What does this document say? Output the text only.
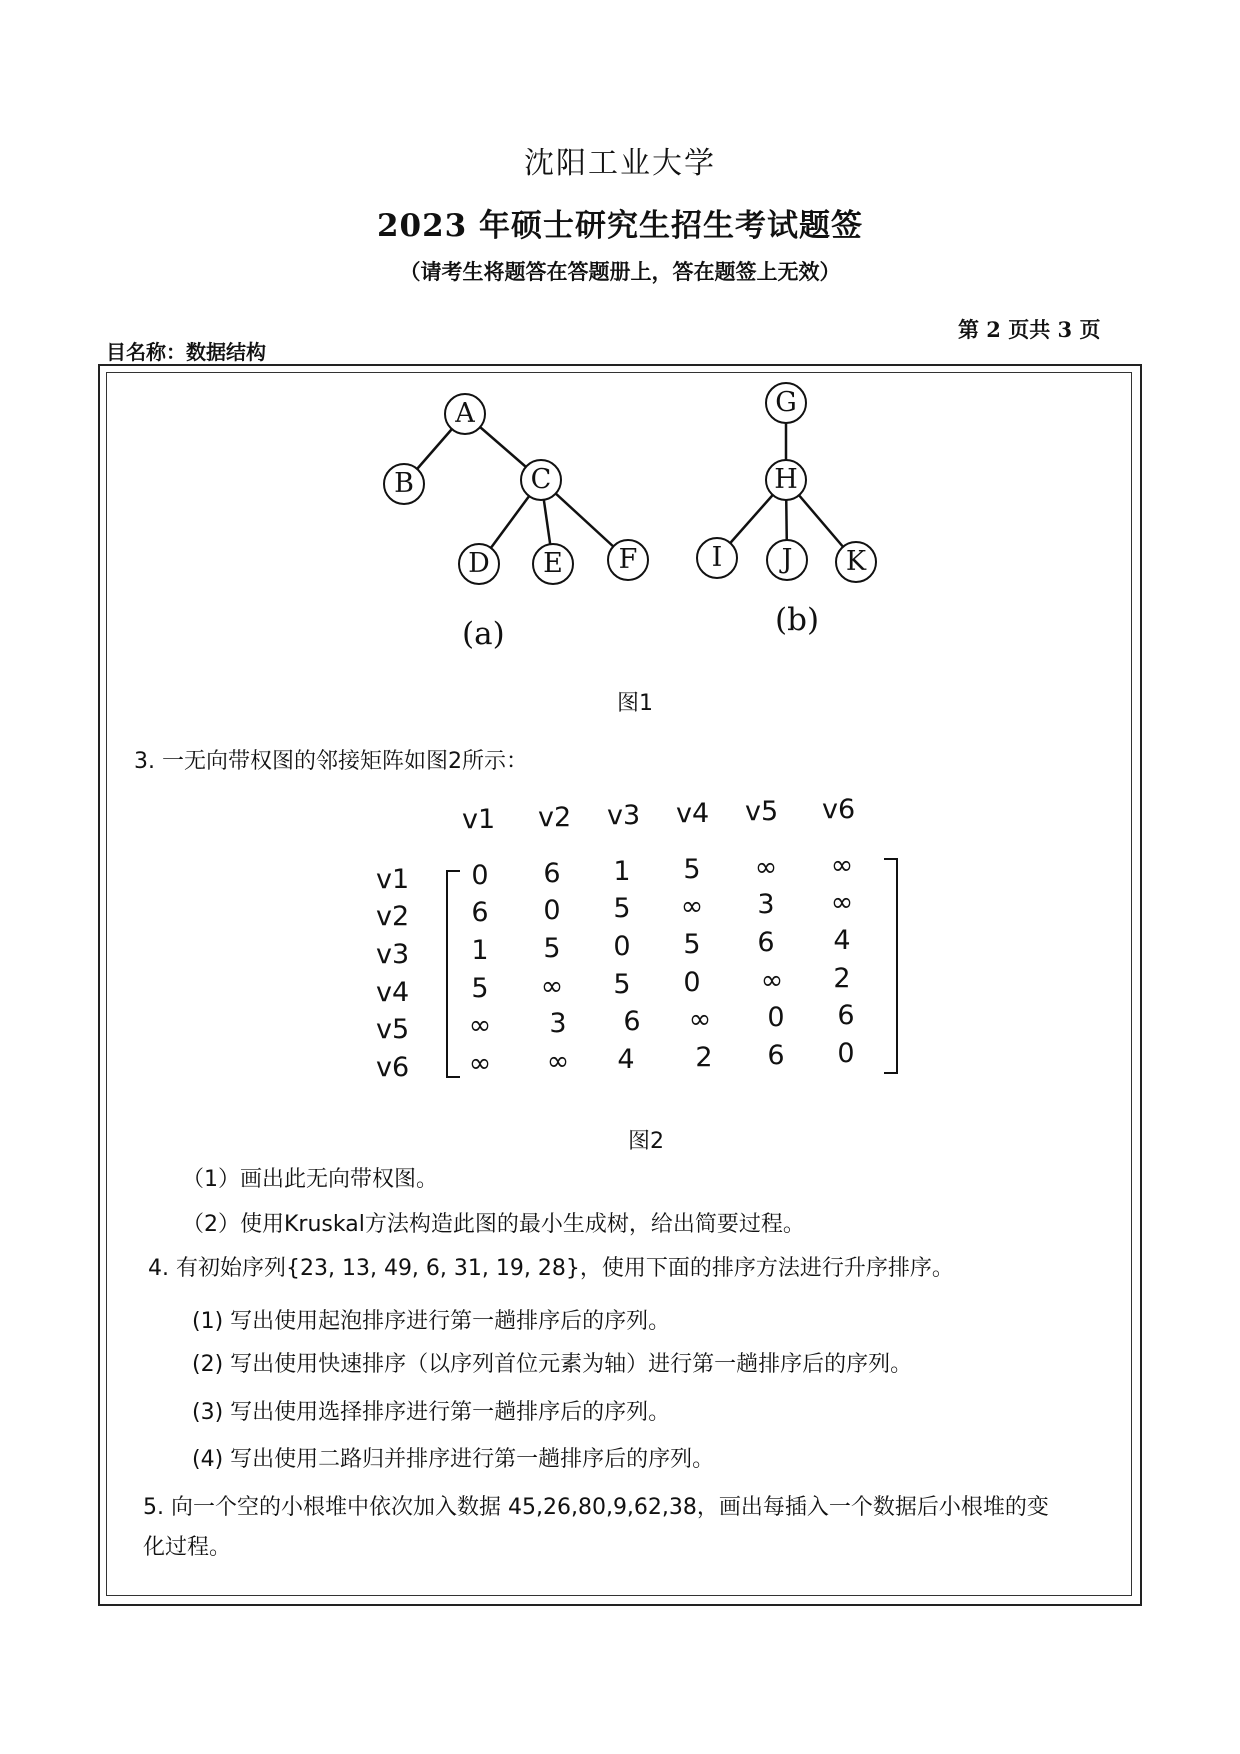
沈阳工业大学
2023 年硕士研究生招生考试题签
（请考生将题答在答题册上，答在题签上无效）
第 2 页共 3 页
目名称：数据结构
A
B	C
D	E	F
G
H
I	J	K
(a)	(b)
图1
3. 一无向带权图的邻接矩阵如图2所示：
v1 v2 v3 v4 v5 v6
v1
v2
v3
v4
v5
v6
0	6	1	5	∞	∞
6	0	5	∞	3	∞
1	5	0	5	6	4
5	∞	5	0	∞	2
∞	3	6	∞	0	6
∞	∞	4	2	6	0
图2
（1）画出此无向带权图。
（2）使用Kruskal方法构造此图的最小生成树，给出简要过程。
4. 有初始序列{23, 13, 49, 6, 31, 19, 28}，使用下面的排序方法进行升序排序。
(1) 写出使用起泡排序进行第一趟排序后的序列。
(2) 写出使用快速排序（以序列首位元素为轴）进行第一趟排序后的序列。
(3) 写出使用选择排序进行第一趟排序后的序列。
(4) 写出使用二路归并排序进行第一趟排序后的序列。
5. 向一个空的小根堆中依次加入数据 45,26,80,9,62,38，画出每插入一个数据后小根堆的变
化过程。
